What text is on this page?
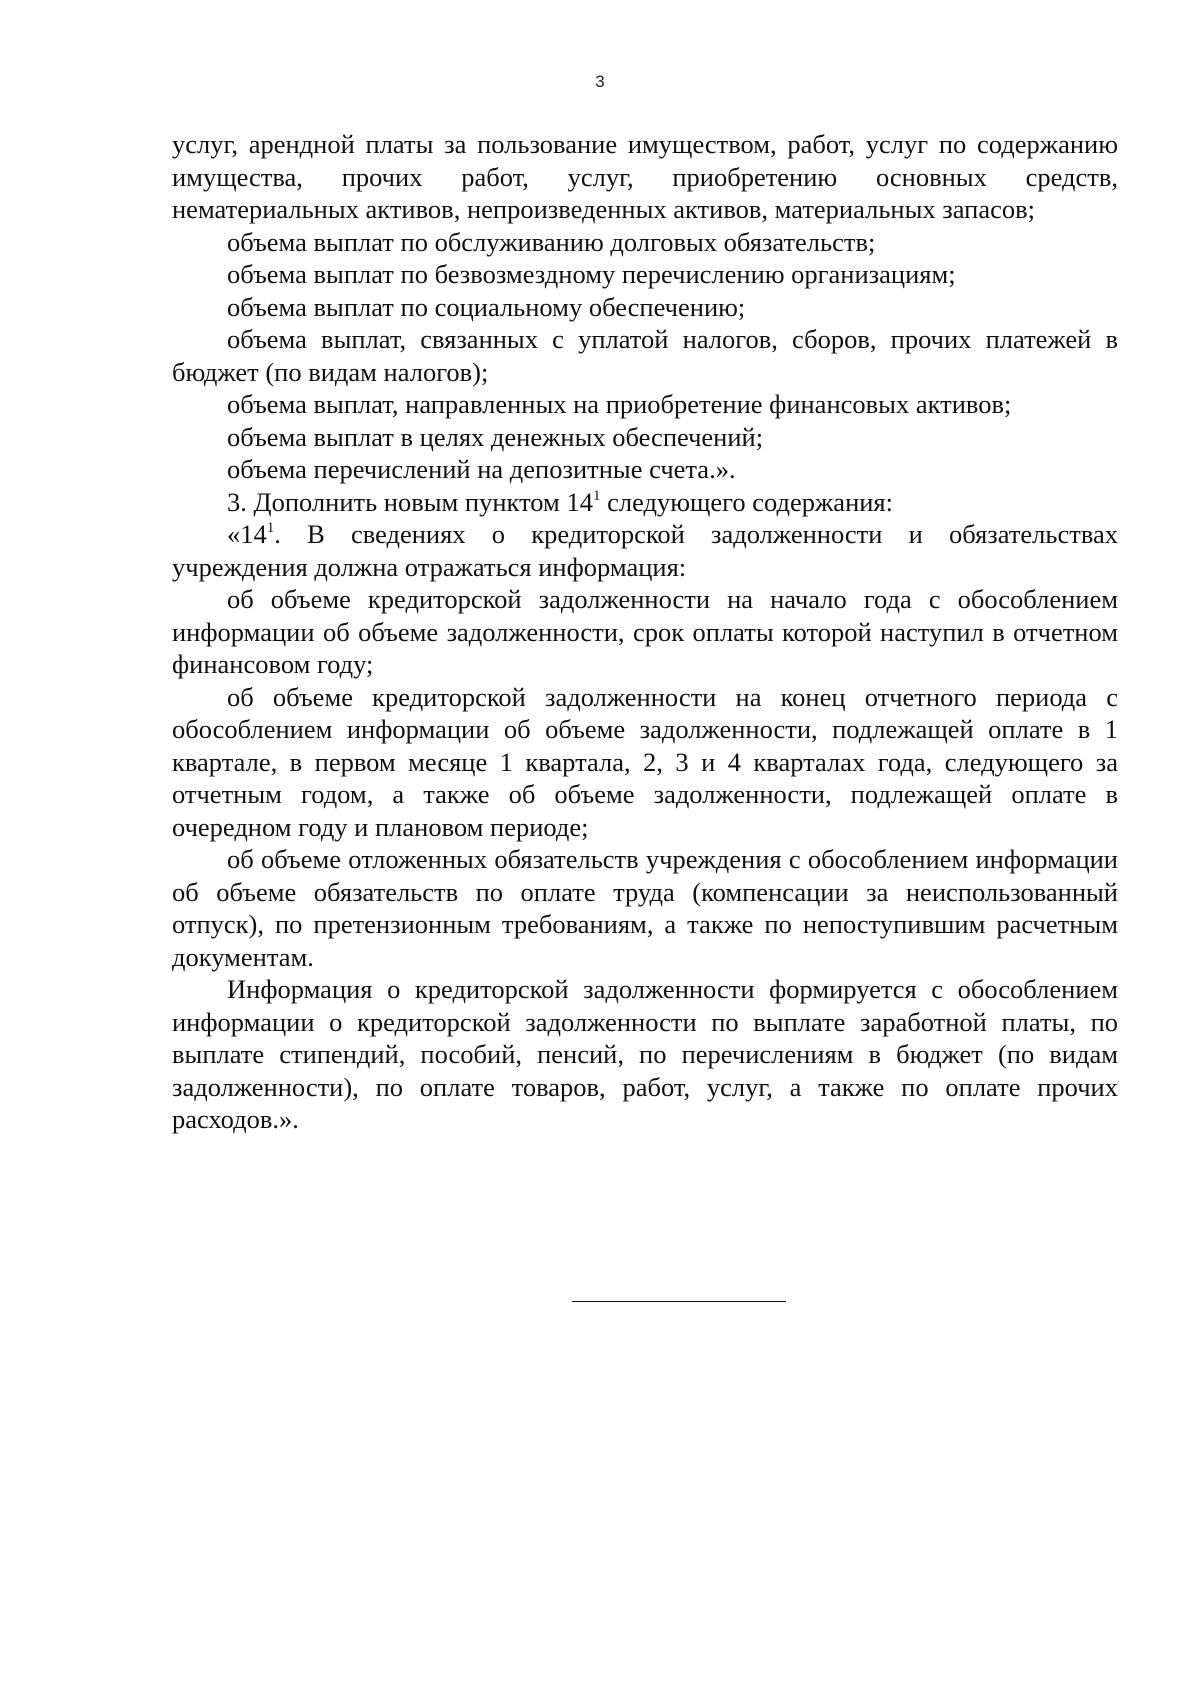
3

услуг, арендной платы за пользование имуществом, работ, услуг по содержанию имущества, прочих работ, услуг, приобретению основных средств, нематериальных активов, непроизведенных активов, материальных запасов;

объема выплат по обслуживанию долговых обязательств;

объема выплат по безвозмездному перечислению организациям;

объема выплат по социальному обеспечению;

объема выплат, связанных с уплатой налогов, сборов, прочих платежей в бюджет (по видам налогов);

объема выплат, направленных на приобретение финансовых активов;

объема выплат в целях денежных обеспечений;

объема перечислений на депозитные счета.».

3. Дополнить новым пунктом $14^1$ следующего содержания:

«$14^1$. В сведениях о кредиторской задолженности и обязательствах учреждения должна отражаться информация:

об объеме кредиторской задолженности на начало года с обособлением информации об объеме задолженности, срок оплаты которой наступил в отчетном финансовом году;

об объеме кредиторской задолженности на конец отчетного периода с обособлением информации об объеме задолженности, подлежащей оплате в 1 квартале, в первом месяце 1 квартала, 2, 3 и 4 кварталах года, следующего за отчетным годом, а также об объеме задолженности, подлежащей оплате в очередном году и плановом периоде;

об объеме отложенных обязательств учреждения с обособлением информации об объеме обязательств по оплате труда (компенсации за неиспользованный отпуск), по претензионным требованиям, а также по непоступившим расчетным документам.

Информация о кредиторской задолженности формируется с обособлением информации о кредиторской задолженности по выплате заработной платы, по выплате стипендий, пособий, пенсий, по перечислениям в бюджет (по видам задолженности), по оплате товаров, работ, услуг, а также по оплате прочих расходов.».
